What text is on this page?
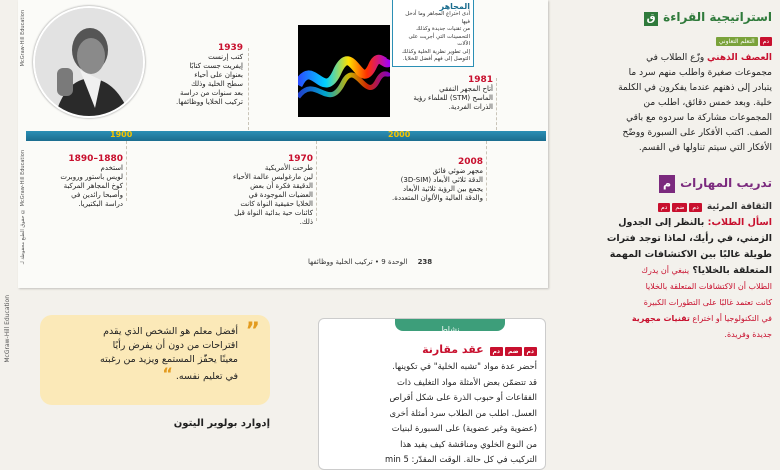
McGraw-Hill Education
حقوق الطبع محفوظة لـ © McGraw-Hill Education
المجاهر
أدى اختراع المجاهر وما أدخل فيها
من تقنيات جديدة وكذلك
التحسينات التي أجريت على الآلات
إلى تطوير نظرية الخلية وكذلك
التوصل إلى فهم أفضل للخلايا.
1939
كتب إرنست
إيفريت جست كتابًا
بعنوان على أحياء
سطح الخلية وذلك
بعد سنوات من دراسة
تركيب الخلايا ووظائفها.
1981
أتاح المجهر النفقي
الماسح (STM) للعلماء رؤية
الذرات الفردية.
1900	2000
1880–1890
استخدم
لويس باستور وروبرت
كوخ المجاهر المركبة
وأصبحا رائدين في
دراسة البكتيريا.
1970
طرحت الأمريكية
لين مارغوليس عالمة الأحياء
الدقيقة فكرة أن بعض
العضيات الموجودة في
الخلايا حقيقية النواة كانت
كائنات حية بدائية النواة قبل
ذلك.
2008
مجهر ضوئي فائق
الدقة ثلاثي الأبعاد (3D-SIM)
يجمع بين الرؤية ثلاثية الأبعاد
والدقة العالية والألوان المتعددة.
238 الوحدة 9 • تركيب الخلية ووظائفها
McGraw-Hill Education	”
أفضل معلم هو الشخص الذي يقدم
اقتراحات من دون أن يفرض رأيًا
معينًا يحفّز المستمع ويزيد من رغبته
في تعليم نفسه. “
إدوارد بولوير اليتون
نشاط
دمضمدم عقد مقارنة
أحضر عدة مواد "تشبه الخلية" في تكوينها.
قد تتضمّن بعض الأمثلة مواد التغليف ذات
الفقاعات أو حبوب الذرة على شكل أقراص
العسل. اطلب من الطلاب سرد أمثلة أخرى
(عضوية وغير عضوية) على السبورة لبنيات
من النوع الخلوي ومناقشة كيف يفيد هذا
التركيب في كل حالة. الوقت المقدّر: 5 min
استراتيجية القراءة ق
دمالتعلم التعاوني
العصف الذهني وزّع الطلاب في
مجموعات صغيرة واطلب منهم سرد ما
يتبادر إلى ذهنهم عندما يفكرون في الكلمة
خلية. وبعد خمس دقائق، اطلب من
المجموعات مشاركة ما سردوه مع باقي
الصف. اكتب الأفكار على السبورة ووضّح
الأفكار التي سيتم تناولها في القسم.
تدريب المهارات م
الثقافة المرئية دمضمدم
اسأل الطلاب: بالنظر إلى الجدول
الزمني، في رأيك، لماذا توجد فترات
طويلة غالبًا بين الاكتشافات المهمة
المتعلقة بالخلايا؟ ينبغي أن يدرك
الطلاب أن الاكتشافات المتعلقة بالخلايا
كانت تعتمد غالبًا على التطورات الكبيرة
في التكنولوجيا أو اختراع تقنيات مجهرية
جديدة وفريدة.
